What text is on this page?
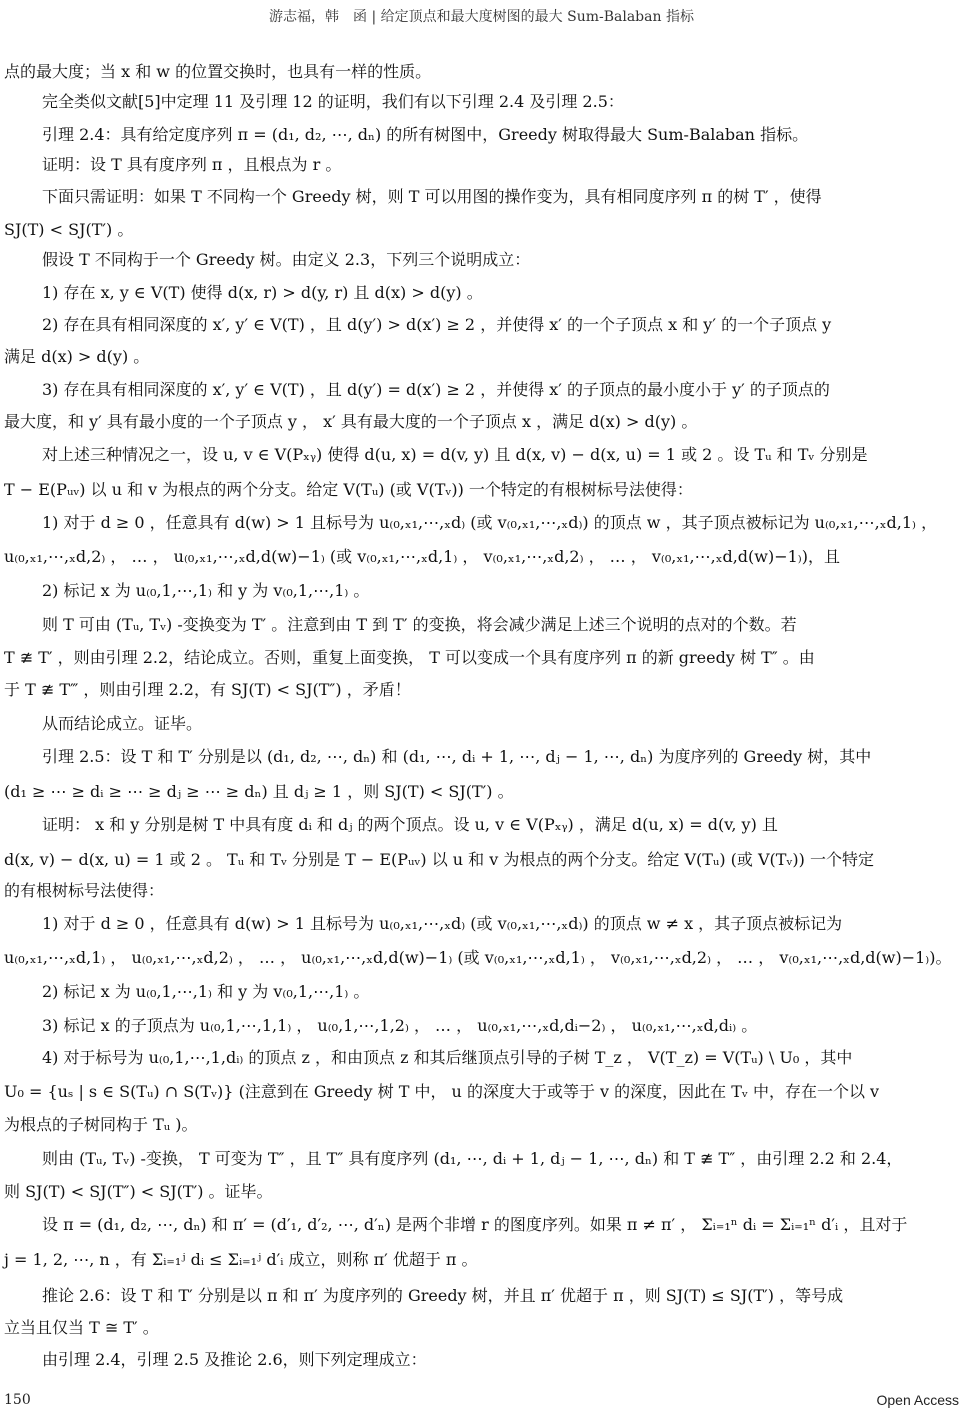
游志福，韩　函 | 给定顶点和最大度树图的最大 Sum-Balaban 指标
点的最大度；当 x 和 w 的位置交换时，也具有一样的性质。
完全类似文献[5]中定理 11 及引理 12 的证明，我们有以下引理 2.4 及引理 2.5：
引理 2.4：具有给定度序列 π = (d₁, d₂, ⋯, dₙ) 的所有树图中，Greedy 树取得最大 Sum-Balaban 指标。
证明：设 T 具有度序列 π ，且根点为 r 。
下面只需证明：如果 T 不同构一个 Greedy 树，则 T 可以用图的操作变为，具有相同度序列 π 的树 T′ ，使得
SJ(T) < SJ(T′) 。
假设 T 不同构于一个 Greedy 树。由定义 2.3，下列三个说明成立：
1) 存在 x, y ∈ V(T) 使得 d(x, r) > d(y, r) 且 d(x) > d(y) 。
2) 存在具有相同深度的 x′, y′ ∈ V(T) ，且 d(y′) > d(x′) ≥ 2 ，并使得 x′ 的一个子顶点 x 和 y′ 的一个子顶点 y
满足 d(x) > d(y) 。
3) 存在具有相同深度的 x′, y′ ∈ V(T) ，且 d(y′) = d(x′) ≥ 2 ，并使得 x′ 的子顶点的最小度小于 y′ 的子顶点的
最大度，和 y′ 具有最小度的一个子顶点 y ， x′ 具有最大度的一个子顶点 x ，满足 d(x) > d(y) 。
对上述三种情况之一，设 u, v ∈ V(Pₓᵧ) 使得 d(u, x) = d(v, y) 且 d(x, v) − d(x, u) = 1 或 2 。设 Tᵤ 和 Tᵥ 分别是
T − E(Pᵤᵥ) 以 u 和 v 为根点的两个分支。给定 V(Tᵤ) (或 V(Tᵥ)) 一个特定的有根树标号法使得：
1) 对于 d ≥ 0 ，任意具有 d(w) > 1 且标号为 u₍₀,ₓ₁,⋯,ₓd₎ (或 v₍₀,ₓ₁,⋯,ₓd₎) 的顶点 w ，其子顶点被标记为 u₍₀,ₓ₁,⋯,ₓd,1₎ ，
u₍₀,ₓ₁,⋯,ₓd,2₎ ， … ， u₍₀,ₓ₁,⋯,ₓd,d(w)−1₎ (或 v₍₀,ₓ₁,⋯,ₓd,1₎ ， v₍₀,ₓ₁,⋯,ₓd,2₎ ， … ， v₍₀,ₓ₁,⋯,ₓd,d(w)−1₎)，且
2) 标记 x 为 u₍₀,1,⋯,1₎ 和 y 为 v₍₀,1,⋯,1₎ 。
则 T 可由 (Tᵤ, Tᵥ) -变换变为 T′ 。注意到由 T 到 T′ 的变换，将会减少满足上述三个说明的点对的个数。若
T ≇ T′ ，则由引理 2.2，结论成立。否则，重复上面变换， T 可以变成一个具有度序列 π 的新 greedy 树 T″ 。由
于 T ≇ T‴ ，则由引理 2.2，有 SJ(T) < SJ(T″) ，矛盾！
从而结论成立。证毕。
引理 2.5：设 T 和 T′ 分别是以 (d₁, d₂, ⋯, dₙ) 和 (d₁, ⋯, dᵢ + 1, ⋯, dⱼ − 1, ⋯, dₙ) 为度序列的 Greedy 树，其中
(d₁ ≥ ⋯ ≥ dᵢ ≥ ⋯ ≥ dⱼ ≥ ⋯ ≥ dₙ) 且 dⱼ ≥ 1 ，则 SJ(T) < SJ(T′) 。
证明： x 和 y 分别是树 T 中具有度 dᵢ 和 dⱼ 的两个顶点。设 u, v ∈ V(Pₓᵧ) ，满足 d(u, x) = d(v, y) 且
d(x, v) − d(x, u) = 1 或 2 。 Tᵤ 和 Tᵥ 分别是 T − E(Pᵤᵥ) 以 u 和 v 为根点的两个分支。给定 V(Tᵤ) (或 V(Tᵥ)) 一个特定
的有根树标号法使得：
1) 对于 d ≥ 0 ，任意具有 d(w) > 1 且标号为 u₍₀,ₓ₁,⋯,ₓd₎ (或 v₍₀,ₓ₁,⋯,ₓd₎) 的顶点 w ≠ x ，其子顶点被标记为
u₍₀,ₓ₁,⋯,ₓd,1₎ ， u₍₀,ₓ₁,⋯,ₓd,2₎ ， … ， u₍₀,ₓ₁,⋯,ₓd,d(w)−1₎ (或 v₍₀,ₓ₁,⋯,ₓd,1₎ ， v₍₀,ₓ₁,⋯,ₓd,2₎ ， … ， v₍₀,ₓ₁,⋯,ₓd,d(w)−1₎)。
2) 标记 x 为 u₍₀,1,⋯,1₎ 和 y 为 v₍₀,1,⋯,1₎ 。
3) 标记 x 的子顶点为 u₍₀,1,⋯,1,1₎ ， u₍₀,1,⋯,1,2₎ ， … ， u₍₀,ₓ₁,⋯,ₓd,dᵢ−2₎ ， u₍₀,ₓ₁,⋯,ₓd,dᵢ₎ 。
4) 对于标号为 u₍₀,1,⋯,1,dᵢ₎ 的顶点 z ，和由顶点 z 和其后继顶点引导的子树 T_z ， V(T_z) = V(Tᵤ) \ U₀ ，其中
U₀ = {uₛ | s ∈ S(Tᵤ) ∩ S(Tᵥ)} (注意到在 Greedy 树 T 中， u 的深度大于或等于 v 的深度，因此在 Tᵥ 中，存在一个以 v
为根点的子树同构于 Tᵤ )。
则由 (Tᵤ, Tᵥ) -变换， T 可变为 T″ ，且 T″ 具有度序列 (d₁, ⋯, dᵢ + 1, dⱼ − 1, ⋯, dₙ) 和 T ≇ T″ ，由引理 2.2 和 2.4，
则 SJ(T) < SJ(T″) < SJ(T′) 。证毕。
设 π = (d₁, d₂, ⋯, dₙ) 和 π′ = (d′₁, d′₂, ⋯, d′ₙ) 是两个非增 r 的图度序列。如果 π ≠ π′ ， Σᵢ₌₁ⁿ dᵢ = Σᵢ₌₁ⁿ d′ᵢ ，且对于
j = 1, 2, ⋯, n ，有 Σᵢ₌₁ʲ dᵢ ≤ Σᵢ₌₁ʲ d′ᵢ 成立，则称 π′ 优超于 π 。
推论 2.6：设 T 和 T′ 分别是以 π 和 π′ 为度序列的 Greedy 树，并且 π′ 优超于 π ，则 SJ(T) ≤ SJ(T′) ，等号成
立当且仅当 T ≅ T′ 。
由引理 2.4，引理 2.5 及推论 2.6，则下列定理成立：
150	Open Access
